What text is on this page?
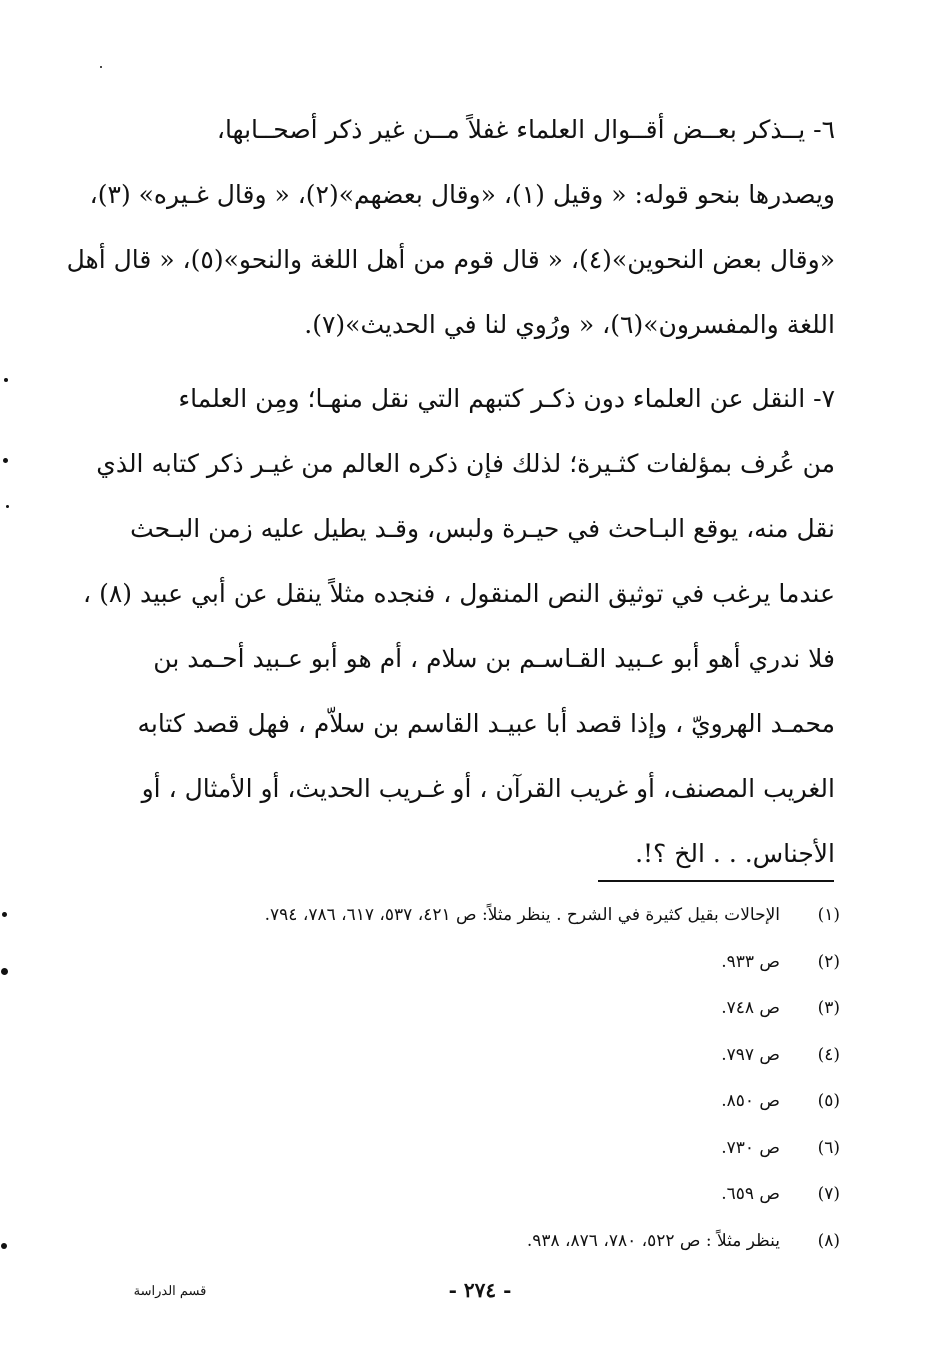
٦- يــذكر بعــض أقــوال العلماء غفلاً مــن غير ذكر أصحــابها،
ويصدرها بنحو قوله: « وقيل (١)، «وقال بعضهم»(٢)، « وقال غـيره» (٣)،
«وقال بعض النحوين»(٤)، « قال قوم من أهل اللغة والنحو»(٥)، « قال أهل
اللغة والمفسرون»(٦)، « ورُوي لنا في الحديث»(٧).
٧- النقل عن العلماء دون ذكـر كتبهم التي نقل منهـا؛ ومِن العلماء
من عُرف بمؤلفات كثـيرة؛ لذلك فإن ذكره العالم من غيـر ذكر كتابه الذي
نقل منه، يوقع البـاحث في حيـرة ولبس، وقـد يطيل عليه زمن البـحث
عندما يرغب في توثيق النص المنقول ، فنجده مثلاً ينقل عن أبي عبيد (٨) ،
فلا ندري أهو أبو عـبيد القـاسـم بن سلام ، أم هو أبو عـبيد أحـمد بن
محمـد الهرويّ ، وإذا قصد أبا عبيـد القاسم بن سلاّم ، فهل قصد كتابه
الغريب المصنف، أو غريب القرآن ، أو غـريب الحديث، أو الأمثال ، أو
الأجناس. . . الخ ؟!.
(١)
الإحالات بقيل كثيرة في الشرح . ينظر مثلاً: ص ٤٢١، ٥٣٧، ٦١٧، ٧٨٦، ٧٩٤.
(٢)
ص ٩٣٣.
(٣)
ص ٧٤٨.
(٤)
ص ٧٩٧.
(٥)
ص ٨٥٠.
(٦)
ص ٧٣٠.
(٧)
ص ٦٥٩.
(٨)
ينظر مثلاً : ص ٥٢٢، ٧٨٠، ٨٧٦، ٩٣٨.
- ٢٧٤ -
قسم الدراسة
